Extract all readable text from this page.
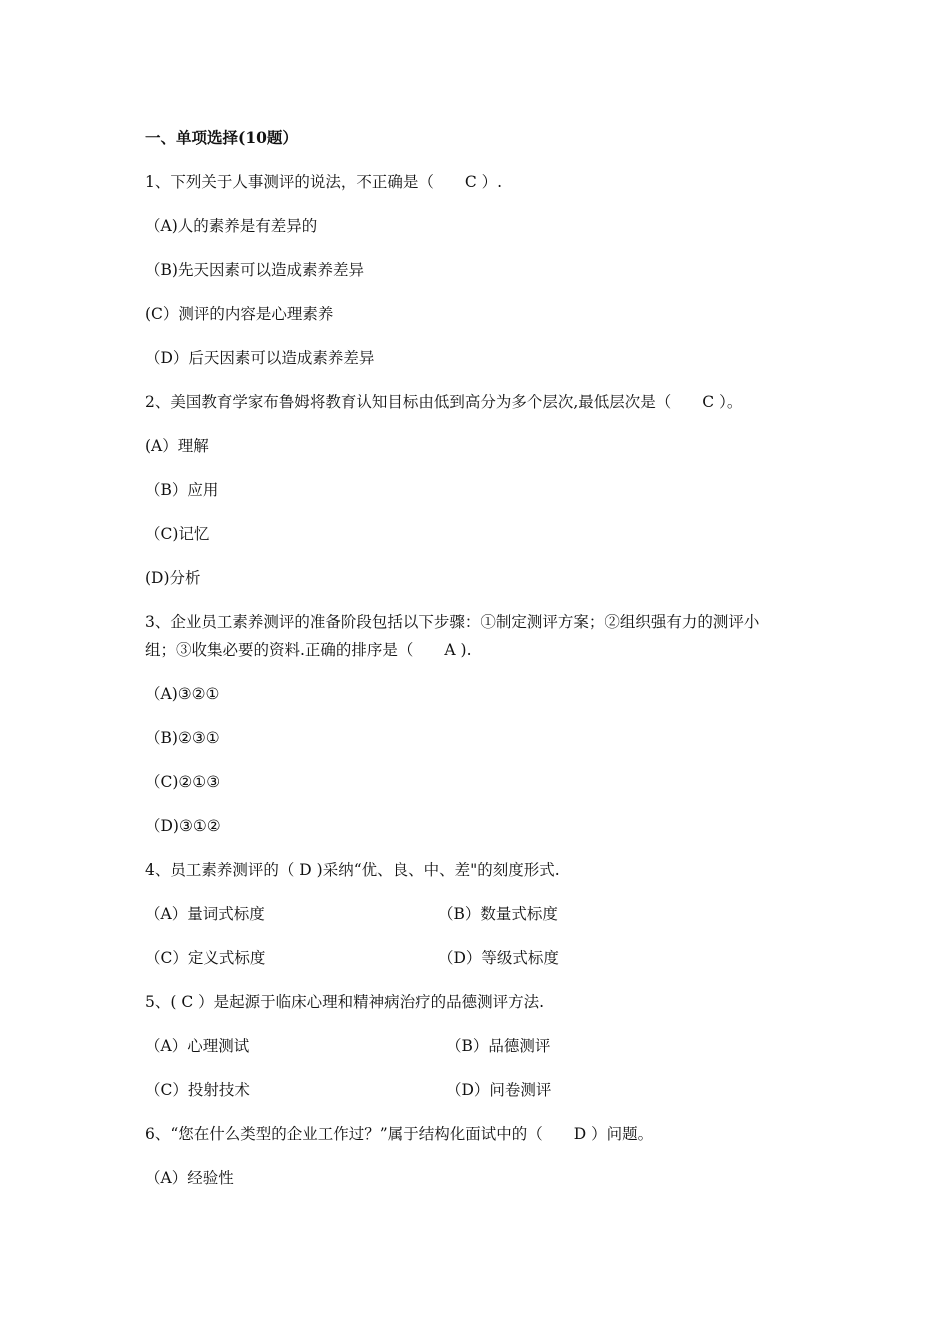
一、单项选择(10题）
1、下列关于人事测评的说法，不正确是（　　C ）.
（A)人的素养是有差异的
（B)先天因素可以造成素养差异
(C）测评的内容是心理素养
（D）后天因素可以造成素养差异
2、美国教育学家布鲁姆将教育认知目标由低到高分为多个层次,最低层次是（　　C ）。
(A）理解
（B）应用
（C)记忆
(D)分析
3、企业员工素养测评的准备阶段包括以下步骤：①制定测评方案；②组织强有力的测评小
组；③收集必要的资料.正确的排序是（　　A ).
（A)③②①
（B)②③①
（C)②①③
（D)③①②
4、员工素养测评的（ D )采纳“优、良、中、差"的刻度形式.
（A）量词式标度	（B）数量式标度
（C）定义式标度	（D）等级式标度
5、( C ）是起源于临床心理和精神病治疗的品德测评方法.
（A）心理测试	（B）品德测评
（C）投射技术	（D）问卷测评
6、“您在什么类型的企业工作过？”属于结构化面试中的（　　D ）问题。
（A）经验性
